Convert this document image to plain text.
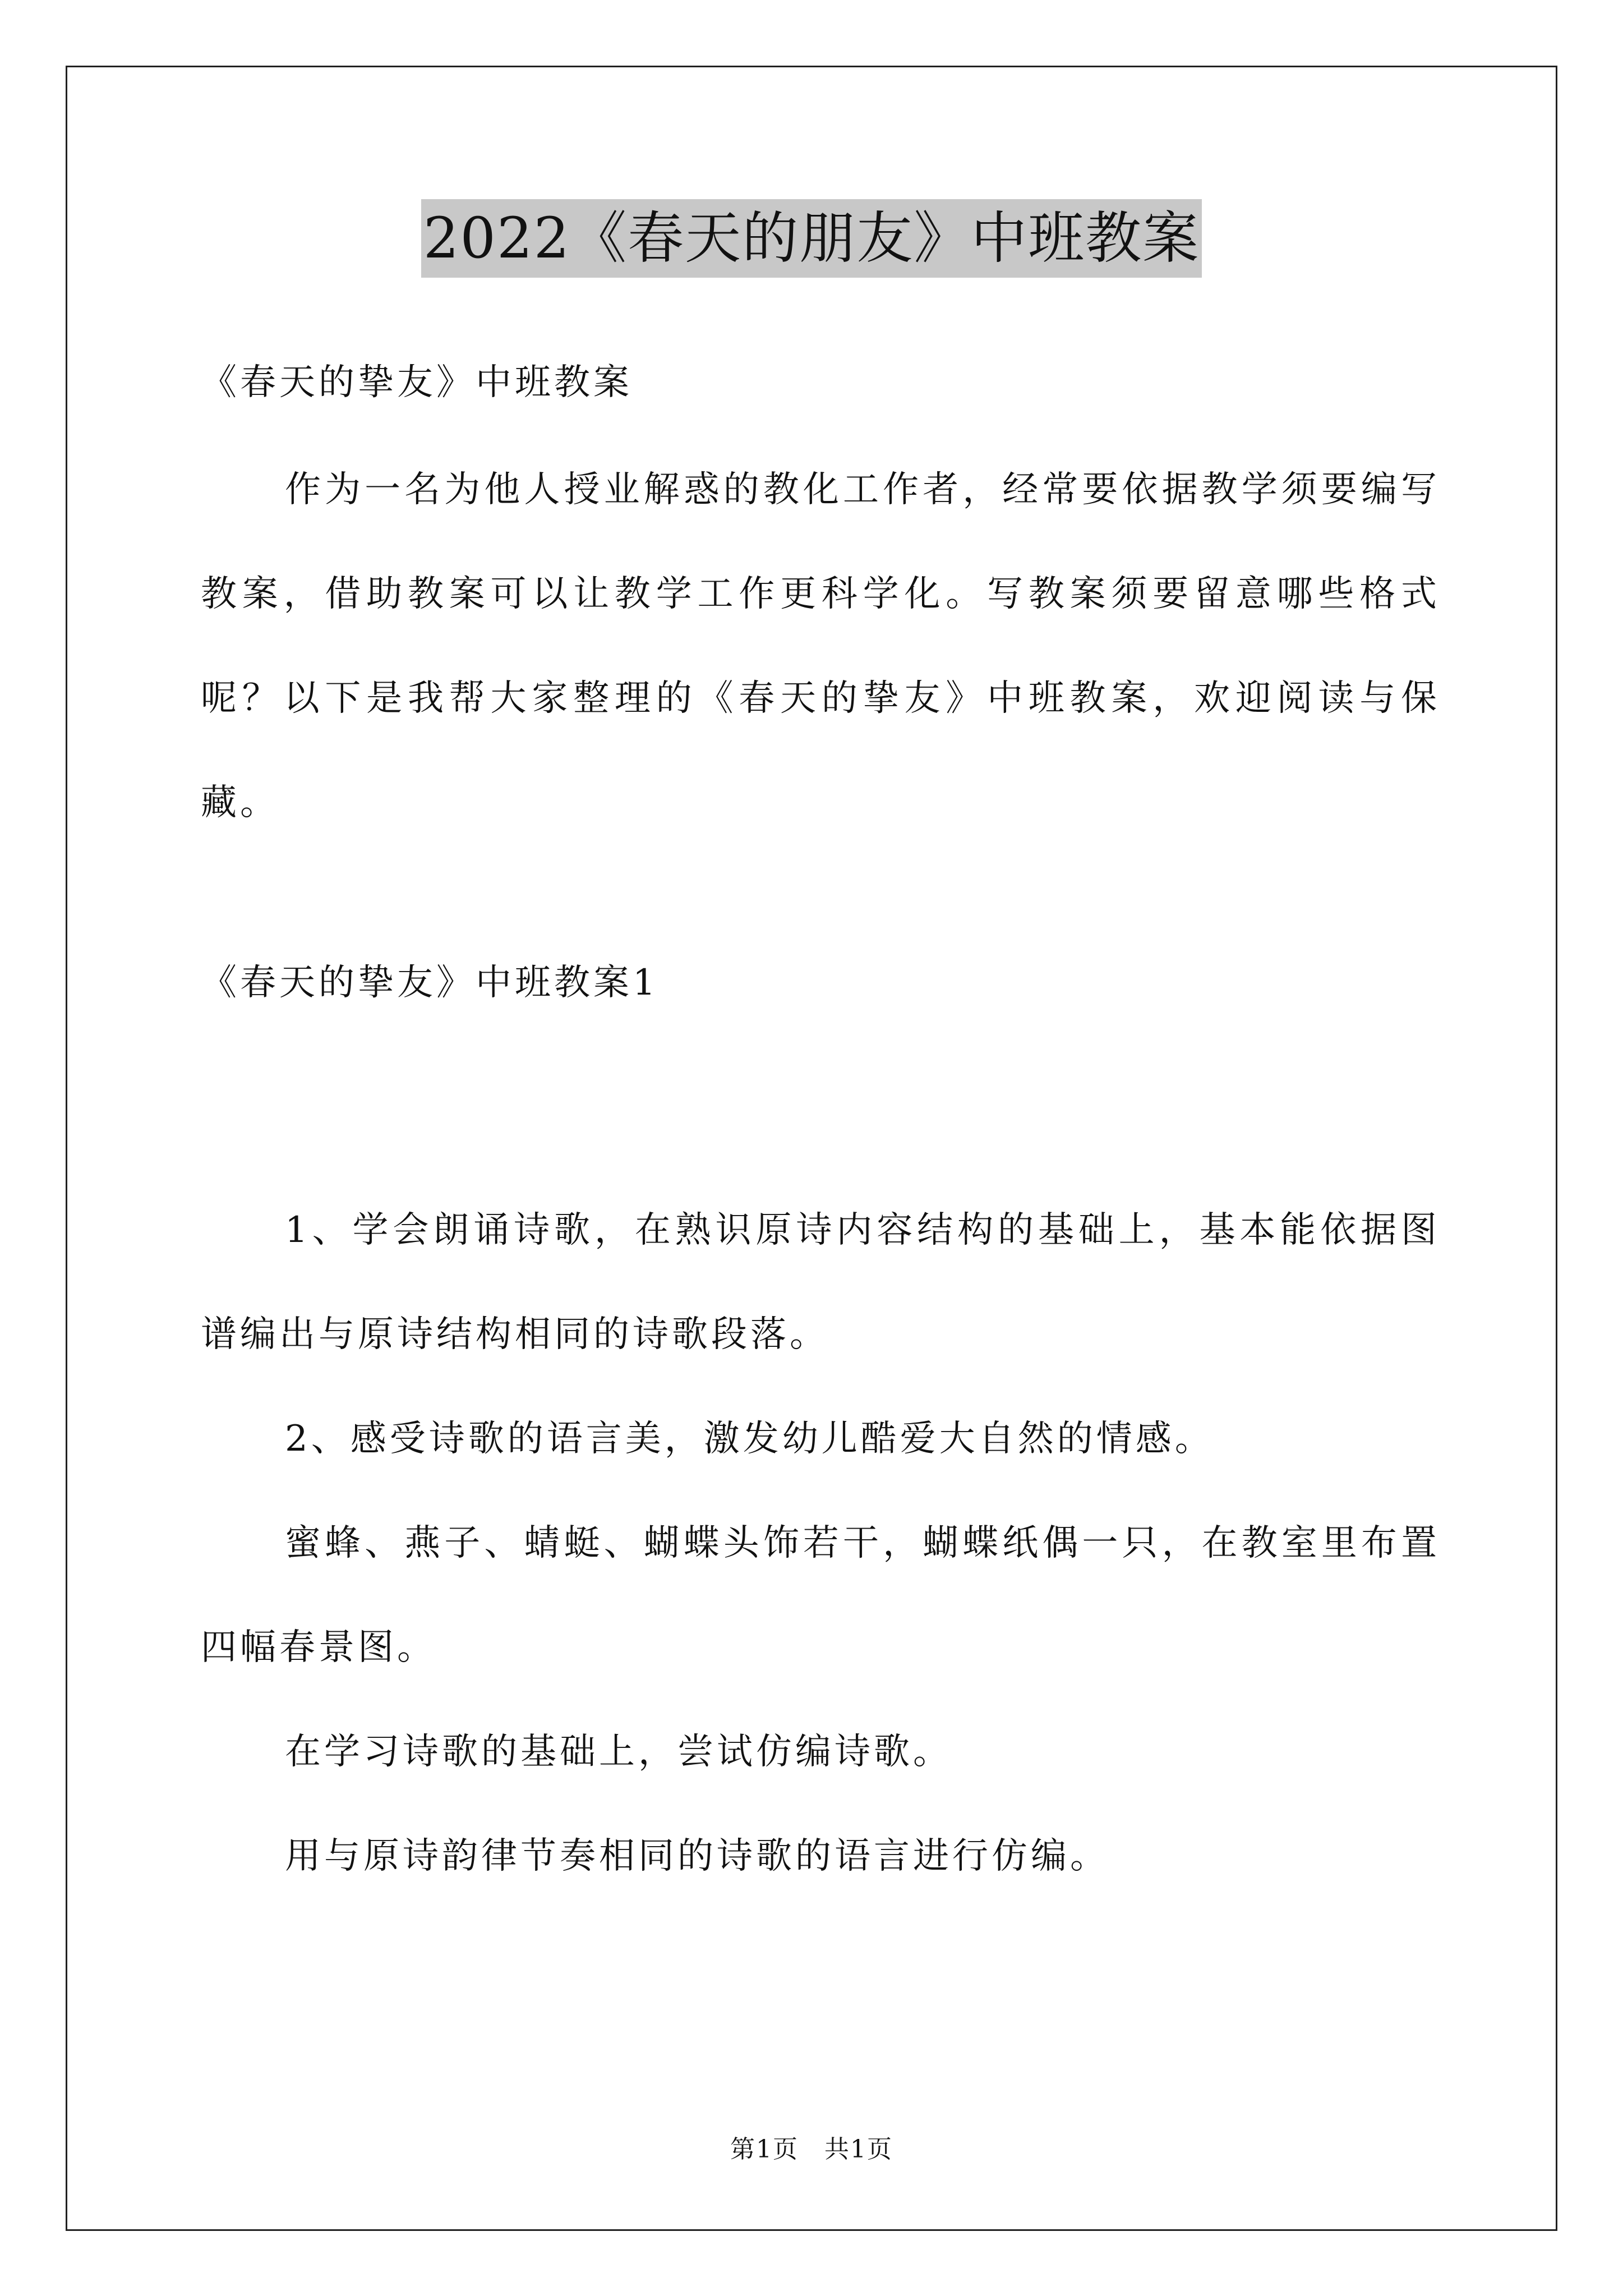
2022《春天的朋友》中班教案
《春天的挚友》中班教案
作为一名为他人授业解惑的教化工作者，经常要依据教学须要编写教案，借助教案可以让教学工作更科学化。写教案须要留意哪些格式呢？以下是我帮大家整理的《春天的挚友》中班教案，欢迎阅读与保藏。
《春天的挚友》中班教案1
1、学会朗诵诗歌，在熟识原诗内容结构的基础上，基本能依据图谱编出与原诗结构相同的诗歌段落。
2、感受诗歌的语言美，激发幼儿酷爱大自然的情感。
蜜蜂、燕子、蜻蜓、蝴蝶头饰若干，蝴蝶纸偶一只，在教室里布置四幅春景图。
在学习诗歌的基础上，尝试仿编诗歌。
用与原诗韵律节奏相同的诗歌的语言进行仿编。
第1页　共1页
